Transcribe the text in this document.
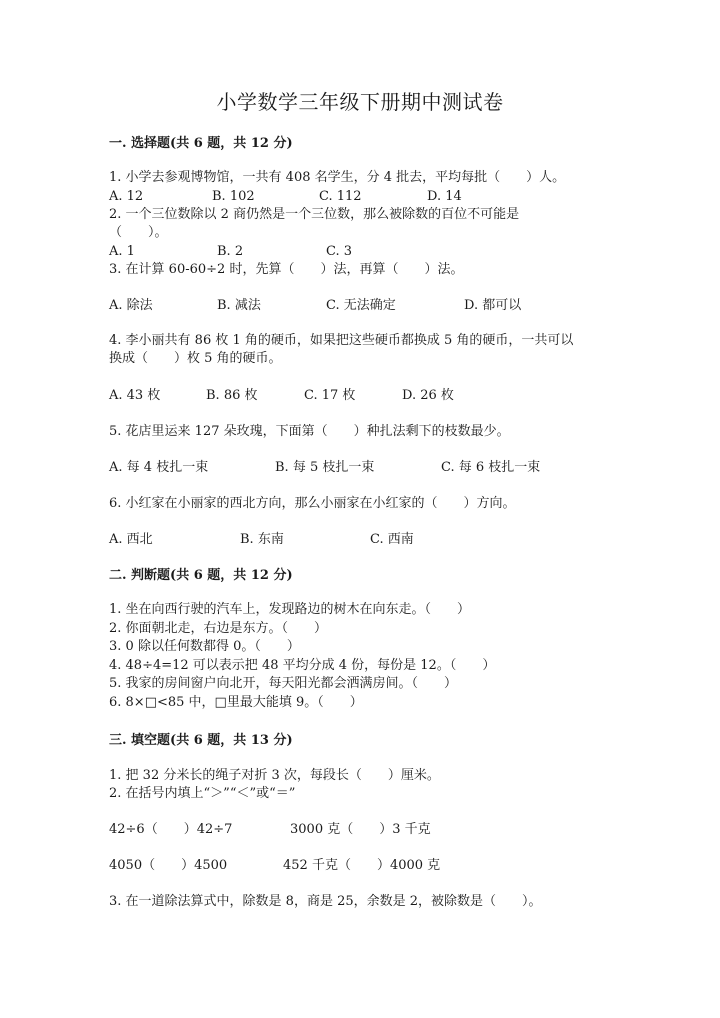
小学数学三年级下册期中测试卷

一. 选择题(共 6 题，共 12 分)

1. 小学去参观博物馆，一共有 408 名学生，分 4 批去，平均每批（　　）人。

A. 12	B. 102	C. 112	D. 14

2. 一个三位数除以 2 商仍然是一个三位数，那么被除数的百位不可能是

（　　）。

A. 1	B. 2	C. 3

3. 在计算 60-60÷2 时，先算（　　）法，再算（　　）法。

A. 除法	B. 减法	C. 无法确定	D. 都可以

4. 李小丽共有 86 枚 1 角的硬币，如果把这些硬币都换成 5 角的硬币，一共可以

换成（　　）枚 5 角的硬币。

A. 43 枚	B. 86 枚	C. 17 枚	D. 26 枚

5. 花店里运来 127 朵玫瑰，下面第（　　）种扎法剩下的枝数最少。

A. 每 4 枝扎一束	B. 每 5 枝扎一束	C. 每 6 枝扎一束

6. 小红家在小丽家的西北方向，那么小丽家在小红家的（　　）方向。

A. 西北	B. 东南	C. 西南

二. 判断题(共 6 题，共 12 分)

1. 坐在向西行驶的汽车上，发现路边的树木在向东走。（　　）

2. 你面朝北走，右边是东方。（　　）

3. 0 除以任何数都得 0。（　　）

4. 48÷4=12 可以表示把 48 平均分成 4 份，每份是 12。（　　）

5. 我家的房间窗户向北开，每天阳光都会洒满房间。（　　）

6. 8×□<85 中，□里最大能填 9。（　　）

三. 填空题(共 6 题，共 13 分)

1. 把 32 分米长的绳子对折 3 次，每段长（　　）厘米。

2. 在括号内填上“＞”“＜”或“＝”

42÷6（　　）42÷7	3000 克（　　）3 千克

4050（　　）4500	452 千克（　　）4000 克

3. 在一道除法算式中，除数是 8，商是 25，余数是 2，被除数是（　　）。
